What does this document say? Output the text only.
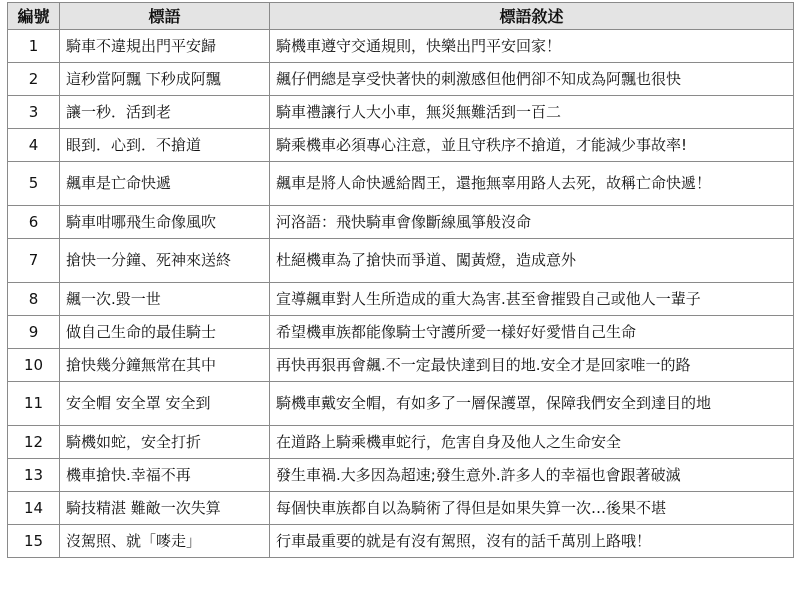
編號	標語	標語敘述
1	騎車不違規出門平安歸	騎機車遵守交通規則，快樂出門平安回家！
2	這秒當阿飄 下秒成阿飄	飆仔們總是享受快著快的刺激感但他們卻不知成為阿飄也很快
3	讓一秒．活到老	騎車禮讓行人大小車，無災無難活到一百二
4	眼到．心到．不搶道	騎乘機車必須專心注意，並且守秩序不搶道，才能減少事故率!
5	飆車是亡命快遞	飆車是將人命快遞給閻王，還拖無辜用路人去死，故稱亡命快遞！
6	騎車咁哪飛生命像風吹	河洛語：飛快騎車會像斷線風箏般沒命
7	搶快一分鐘、死神來送終	杜絕機車為了搶快而爭道、闖黃燈，造成意外
8	飆一次.毀一世	宣導飆車對人生所造成的重大為害.甚至會摧毀自己或他人一輩子
9	做自己生命的最佳騎士	希望機車族都能像騎士守護所愛一樣好好愛惜自己生命
10	搶快幾分鐘無常在其中	再快再狠再會飆.不一定最快達到目的地.安全才是回家唯一的路
11	安全帽 安全罩 安全到	騎機車戴安全帽，有如多了一層保護罩，保障我們安全到達目的地
12	騎機如蛇，安全打折	在道路上騎乘機車蛇行，危害自身及他人之生命安全
13	機車搶快.幸福不再	發生車禍.大多因為超速;發生意外.許多人的幸福也會跟著破滅
14	騎技精湛 難敵一次失算	每個快車族都自以為騎術了得但是如果失算一次…後果不堪
15	沒駕照、就「嘜走」	行車最重要的就是有沒有駕照，沒有的話千萬別上路哦！
